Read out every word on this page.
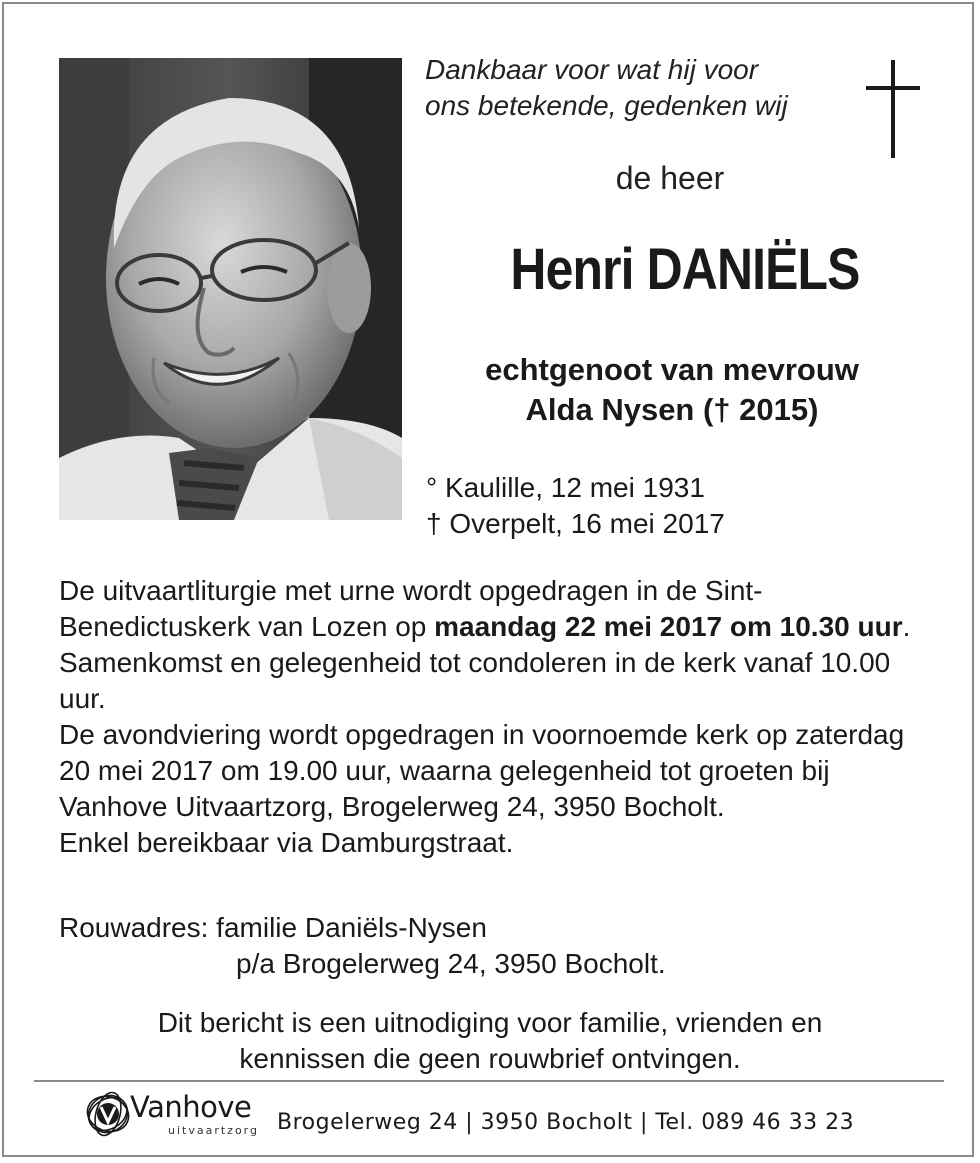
Dankbaar voor wat hij voor
ons betekende, gedenken wij
de heer
Henri DANIËLS
echtgenoot van mevrouw
Alda Nysen († 2015)
° Kaulille, 12 mei 1931
† Overpelt, 16 mei 2017

De uitvaartliturgie met urne wordt opgedragen in de Sint-Benedictuskerk van Lozen op maandag 22 mei 2017 om 10.30 uur. Samenkomst en gelegenheid tot condoleren in de kerk vanaf 10.00 uur.

De avondviering wordt opgedragen in voornoemde kerk op zaterdag 20 mei 2017 om 19.00 uur, waarna gelegenheid tot groeten bij Vanhove Uitvaartzorg, Brogelerweg 24, 3950 Bocholt.

Enkel bereikbaar via Damburgstraat.

Rouwadres: familie Daniëls-Nysen
p/a Brogelerweg 24, 3950 Bocholt.
Dit bericht is een uitnodiging voor familie, vrienden en
kennissen die geen rouwbrief ontvingen.
Vanhove
uitvaartzorg Brogelerweg 24 | 3950 Bocholt | Tel. 089 46 33 23
